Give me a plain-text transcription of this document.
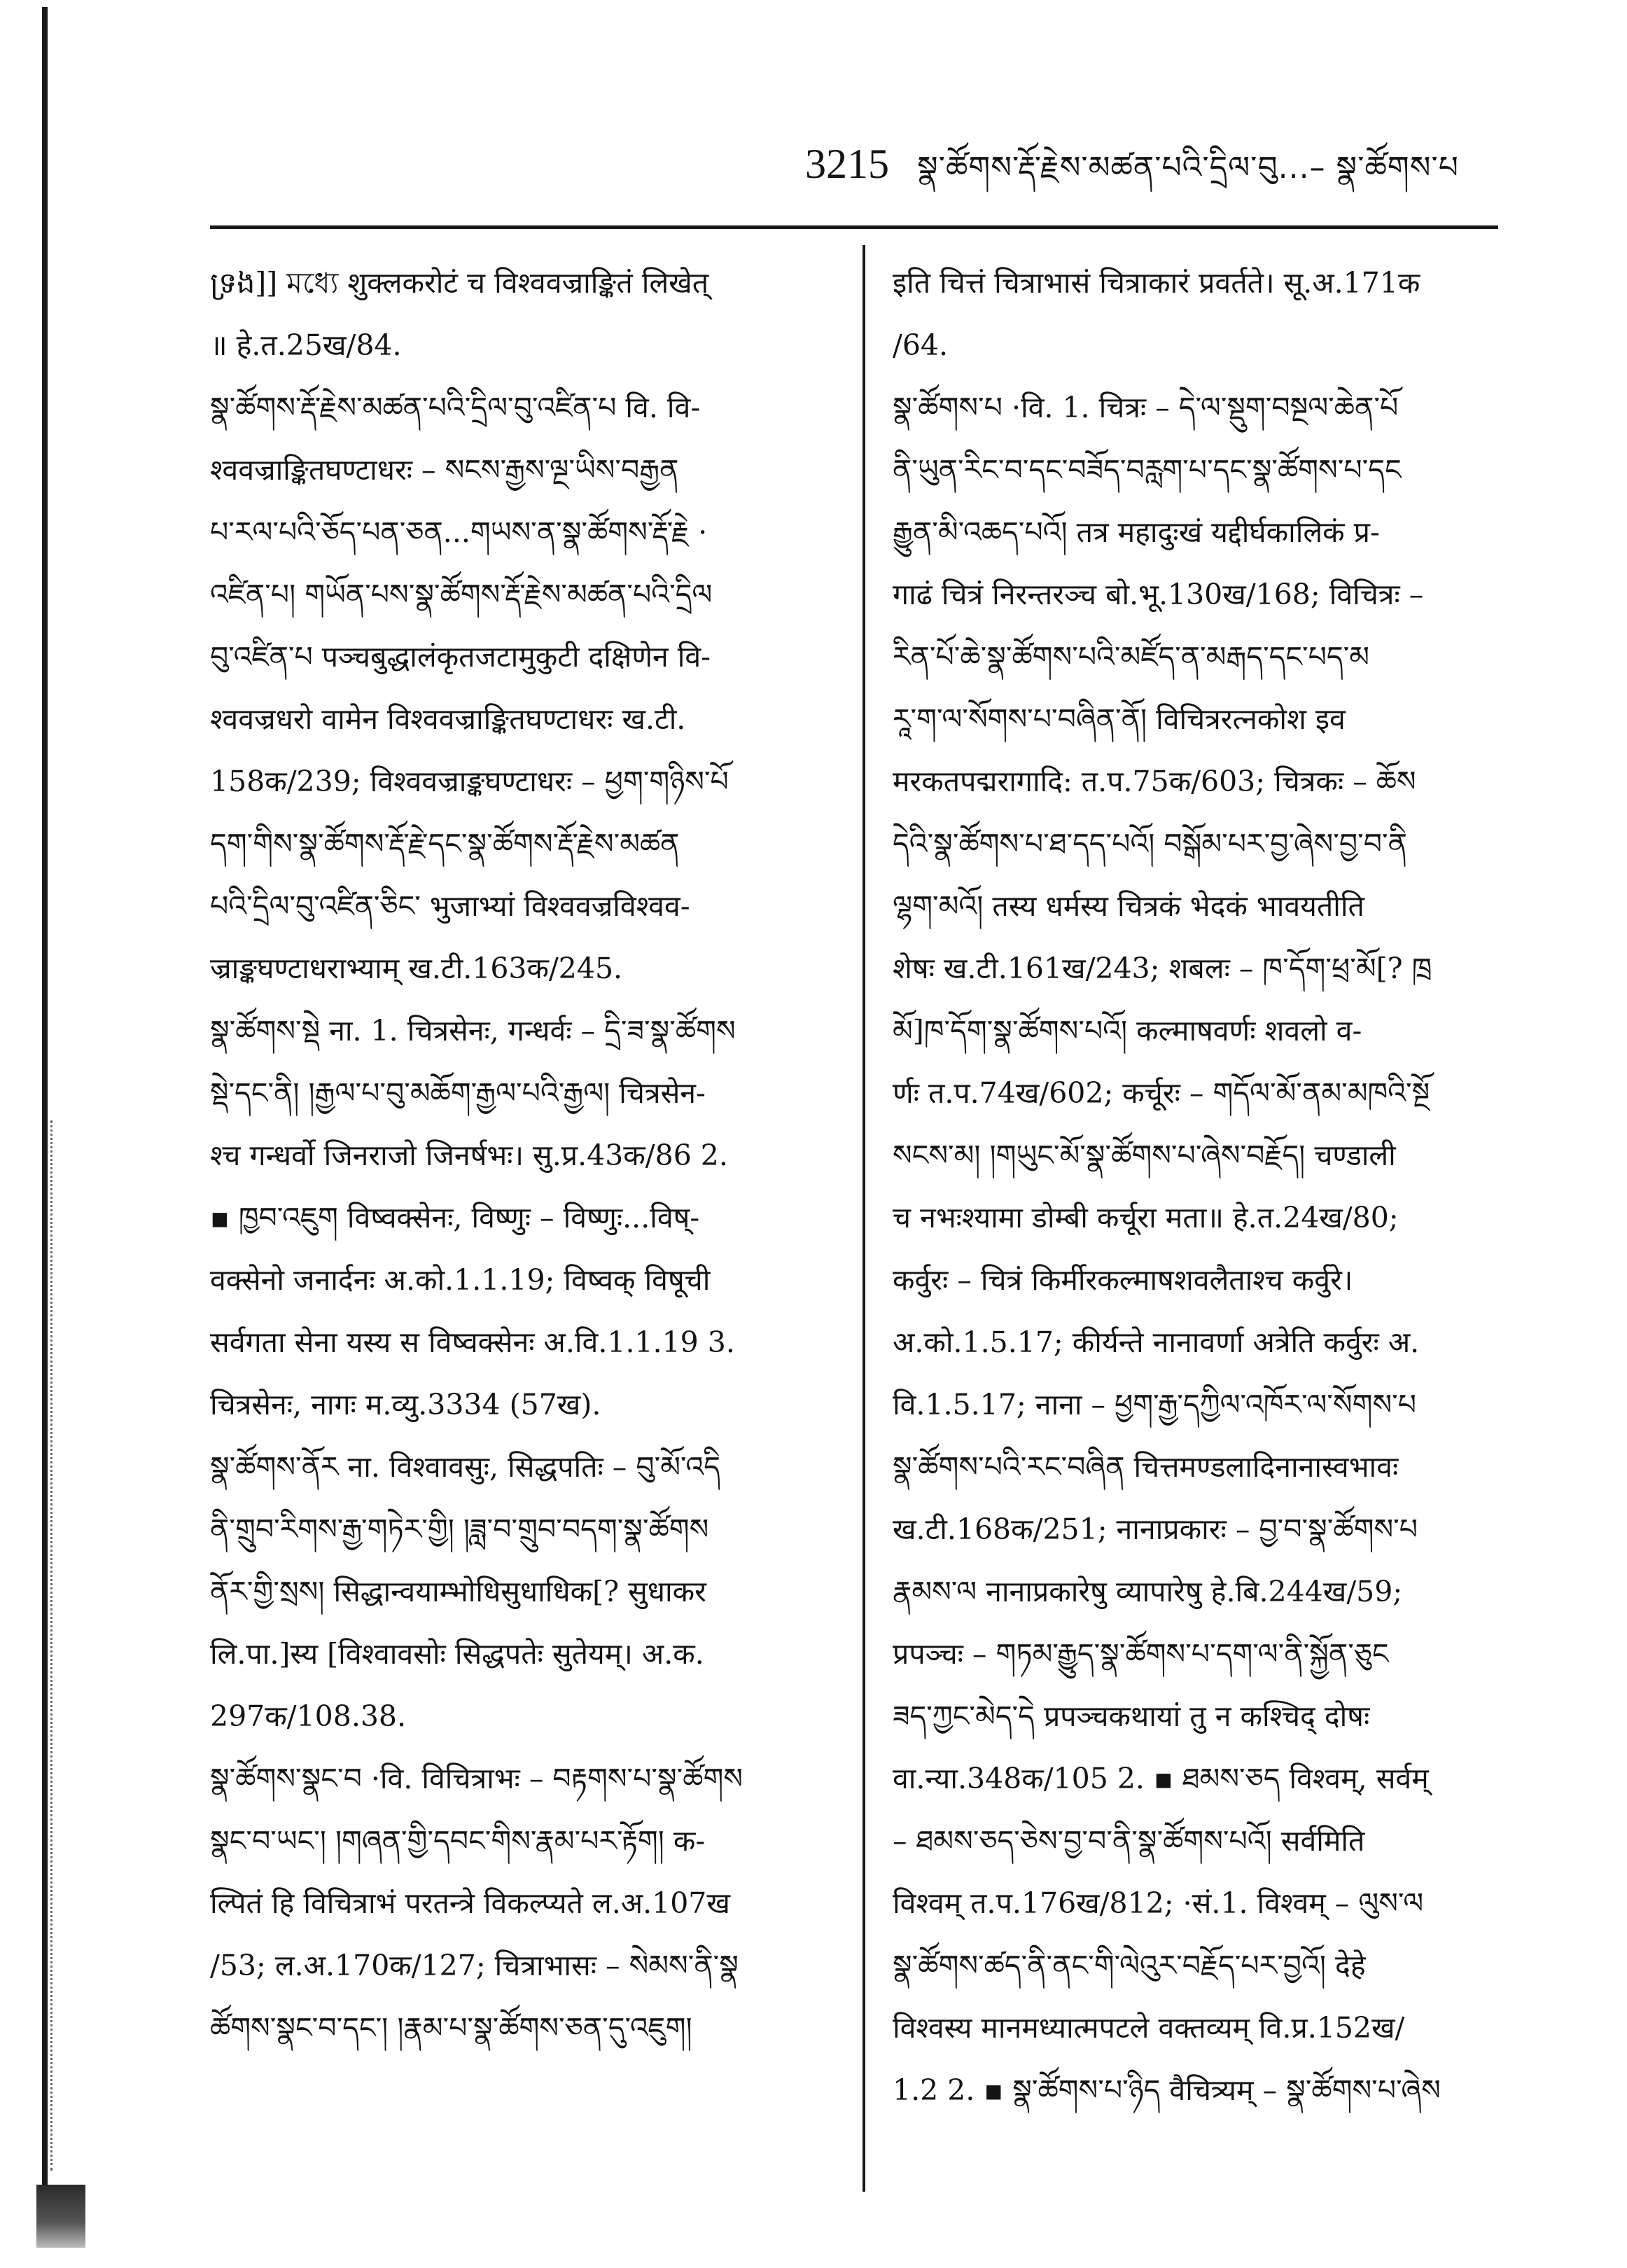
3215 སྣ་ཚོགས་རྡོ་རྗེས་མཚན་པའི་དྲིལ་བུ...– སྣ་ཚོགས་པ
ទ្រង]] মধ্যে शुक्लकरोटं च विश्ववज्राङ्कितं लिखेत्
॥ हे.त.25ख/84.
སྣ་ཚོགས་རྡོ་རྗེས་མཚན་པའི་དྲིལ་བུ་འཛིན་པ वि. वि-
श्ववज्राङ्कितघण्टाधरः – སངས་རྒྱས་ལྔ་ཡིས་བརྒྱན
པ་རལ་པའི་ཅོད་པན་ཅན...གཡས་ན་སྣ་ཚོགས་རྡོ་རྗེ ·
འཛིན་པ། གཡོན་པས་སྣ་ཚོགས་རྡོ་རྗེས་མཚན་པའི་དྲིལ
བུ་འཛིན་པ पञ्चबुद्धालंकृतजटामुकुटी दक्षिणेन वि-
श्ववज्रधरो वामेन विश्ववज्राङ्कितघण्टाधरः ख.टी.
158क/239; विश्ववज्राङ्कघण्टाधरः – ཕྱག་གཉིས་པོ
དག་གིས་སྣ་ཚོགས་རྡོ་རྗེ་དང་སྣ་ཚོགས་རྡོ་རྗེས་མཚན
པའི་དྲིལ་བུ་འཛིན་ཅིང་ भुजाभ्यां विश्ववज्रविश्वव-
ज्राङ्कघण्टाधराभ्याम् ख.टी.163क/245.
སྣ་ཚོགས་སྡེ ना. 1. चित्रसेनः, गन्धर्वः – དྲི་ཟ་སྣ་ཚོགས
སྡེ་དང་ནི། །རྒྱལ་པ་བུ་མཆོག་རྒྱལ་པའི་རྒྱལ། चित्रसेन-
श्च गन्धर्वो जिनराजो जिनर्षभः। सु.प्र.43क/86 2.
▪ ཁྱབ་འཇུག विष्वक्सेनः, विष्णुः – विष्णुः...विष्-
वक्सेनो जनार्दनः अ.को.1.1.19; विष्वक् विषूची
सर्वगता सेना यस्य स विष्वक्सेनः अ.वि.1.1.19 3.
चित्रसेनः, नागः म.व्यु.3334 (57ख).
སྣ་ཚོགས་ནོར ना. विश्वावसुः, सिद्धपतिः – བུ་མོ་འདི
ནི་གྲུབ་རིགས་རྒྱ་གཏེར་གྱི། །ཟླ་བ་གྲུབ་བདག་སྣ་ཚོགས
ནོར་གྱི་སྲས། सिद्धान्वयाम्भोधिसुधाधिक[? सुधाकर
लि.पा.]स्य [विश्वावसोः सिद्धपतेः सुतेयम्। अ.क.
297क/108.38.
སྣ་ཚོགས་སྣང་བ ·वि. विचित्राभः – བརྟགས་པ་སྣ་ཚོགས
སྣང་བ་ཡང་། །གཞན་གྱི་དབང་གིས་རྣམ་པར་རྟོག། क-
ल्पितं हि विचित्राभं परतन्त्रे विकल्प्यते ल.अ.107ख
/53; ल.अ.170क/127; चित्राभासः – སེམས་ནི་སྣ
ཚོགས་སྣང་བ་དང་། །རྣམ་པ་སྣ་ཚོགས་ཅན་དུ་འཇུག།
इति चित्तं चित्राभासं चित्राकारं प्रवर्तते। सू.अ.171क
/64.
སྣ་ཚོགས་པ ·वि. 1. चित्रः – དེ་ལ་སྡུག་བསྔལ་ཆེན་པོ
ནི་ཡུན་རིང་བ་དང་བཟོད་བརླག་པ་དང་སྣ་ཚོགས་པ་དང
རྒྱུན་མི་འཆད་པའོ། तत्र महादुःखं यद्दीर्घकालिकं प्र-
गाढं चित्रं निरन्तरञ्च बो.भू.130ख/168; विचित्रः –
རིན་པོ་ཆེ་སྣ་ཚོགས་པའི་མཛོད་ན་མརྒད་དང་པད་མ
རཱ་ག་ལ་སོགས་པ་བཞིན་ནོ། विचित्ररत्नकोश इव
मरकतपद्मरागादि: त.प.75क/603; चित्रकः – ཆོས
དེའི་སྣ་ཚོགས་པ་ཐ་དད་པའོ། བསྒོམ་པར་བྱ་ཞེས་བྱ་བ་ནི
ལྷག་མའོ། तस्य धर्मस्य चित्रकं भेदकं भावयतीति
शेषः ख.टी.161ख/243; शबलः – ཁ་དོག་ཕྲ་མོ[? ཁྲ
མོ]ཁ་དོག་སྣ་ཚོགས་པའོ། कल्माषवर्णः शवलो व-
र्णः त.प.74ख/602; कर्चूरः – གདོལ་མོ་ནམ་མཁའི་སྔོ
སངས་མ། །གཡུང་མོ་སྣ་ཚོགས་པ་ཞེས་བརྗོད། चण्डाली
च नभःश्यामा डोम्बी कर्चूरा मता॥ हे.त.24ख/80;
कर्वुरः – चित्रं किर्मीरकल्माषशवलैताश्च कर्वुरे।
अ.को.1.5.17; कीर्यन्ते नानावर्णा अत्रेति कर्वुरः अ.
वि.1.5.17; नाना – ཕྱག་རྒྱ་དཀྱིལ་འཁོར་ལ་སོགས་པ
སྣ་ཚོགས་པའི་རང་བཞིན चित्तमण्डलादिनानास्वभावः
ख.टी.168क/251; नानाप्रकारः – བྱ་བ་སྣ་ཚོགས་པ
རྣམས་ལ नानाप्रकारेषु व्यापारेषु हे.बि.244ख/59;
प्रपञ्चः – གཏམ་རྒྱུད་སྣ་ཚོགས་པ་དག་ལ་ནི་སྐྱོན་ཅུང
ཟད་ཀྱང་མེད་དེ प्रपञ्चकथायां तु न कश्चिद् दोषः
वा.न्या.348क/105 2. ▪ ཐམས་ཅད विश्वम्, सर्वम्
– ཐམས་ཅད་ཅེས་བྱ་བ་ནི་སྣ་ཚོགས་པའོ། सर्वमिति
विश्वम् त.प.176ख/812; ·सं.1. विश्वम् – ལུས་ལ
སྣ་ཚོགས་ཚད་ནི་ནང་གི་ལེའུར་བརྗོད་པར་བྱའོ། देहे
विश्वस्य मानमध्यात्मपटले वक्तव्यम् वि.प्र.152ख/
1.2 2. ▪ སྣ་ཚོགས་པ་ཉིད वैचित्र्यम् – སྣ་ཚོགས་པ་ཞེས
